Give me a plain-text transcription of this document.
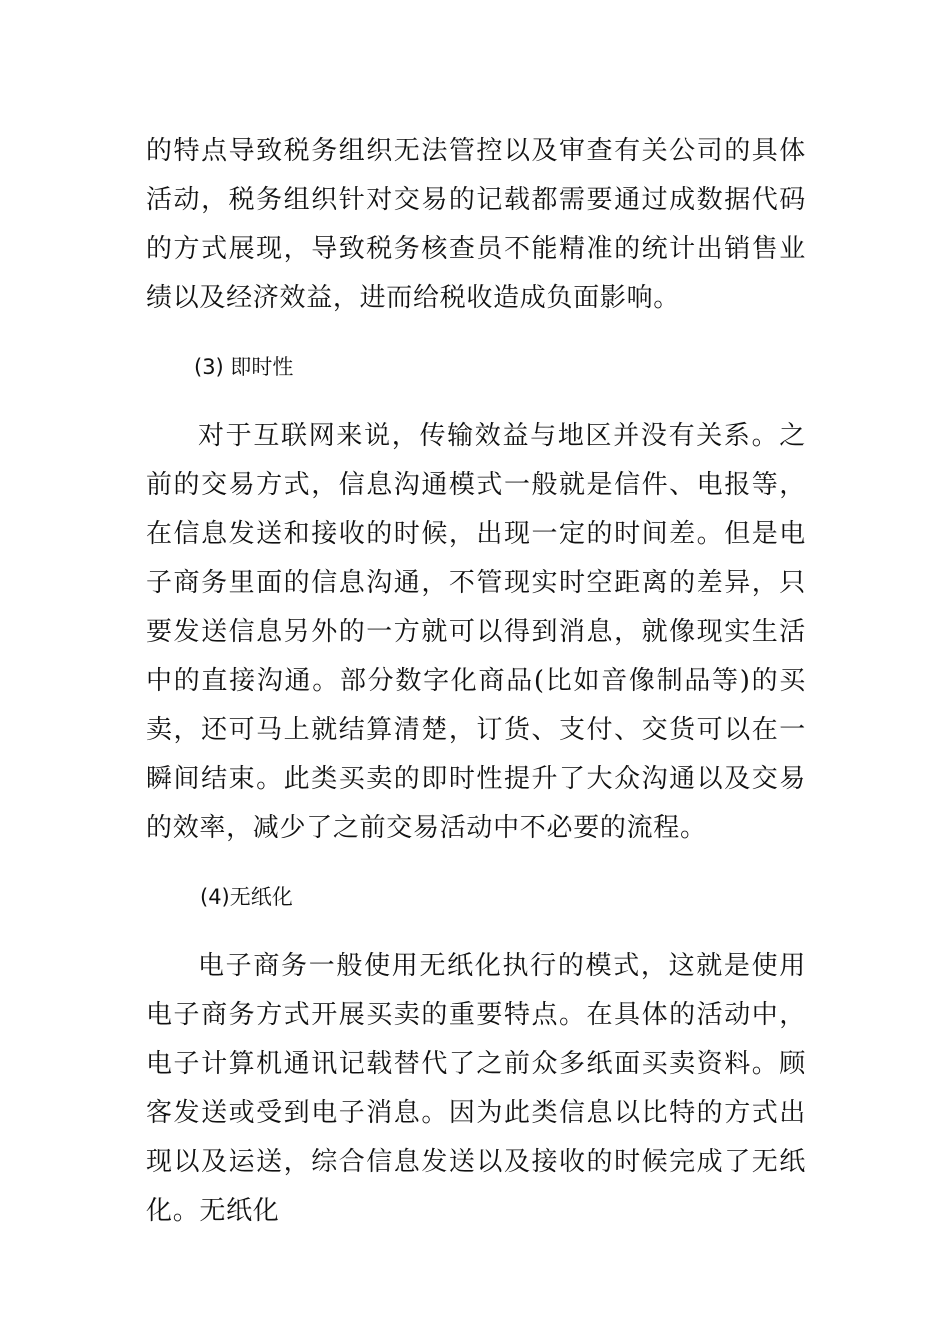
的特点导致税务组织无法管控以及审查有关公司的具体活动，税务组织针对交易的记载都需要通过成数据代码的方式展现，导致税务核查员不能精准的统计出销售业绩以及经济效益，进而给税收造成负面影响。

(3) 即时性

对于互联网来说，传输效益与地区并没有关系。之前的交易方式，信息沟通模式一般就是信件、电报等，在信息发送和接收的时候，出现一定的时间差。但是电子商务里面的信息沟通，不管现实时空距离的差异，只要发送信息另外的一方就可以得到消息，就像现实生活中的直接沟通。部分数字化商品(比如音像制品等)的买卖，还可马上就结算清楚，订货、支付、交货可以在一瞬间结束。此类买卖的即时性提升了大众沟通以及交易的效率，减少了之前交易活动中不必要的流程。

(4)无纸化

电子商务一般使用无纸化执行的模式，这就是使用电子商务方式开展买卖的重要特点。在具体的活动中，电子计算机通讯记载替代了之前众多纸面买卖资料。顾客发送或受到电子消息。因为此类信息以比特的方式出现以及运送，综合信息发送以及接收的时候完成了无纸化。无纸化
